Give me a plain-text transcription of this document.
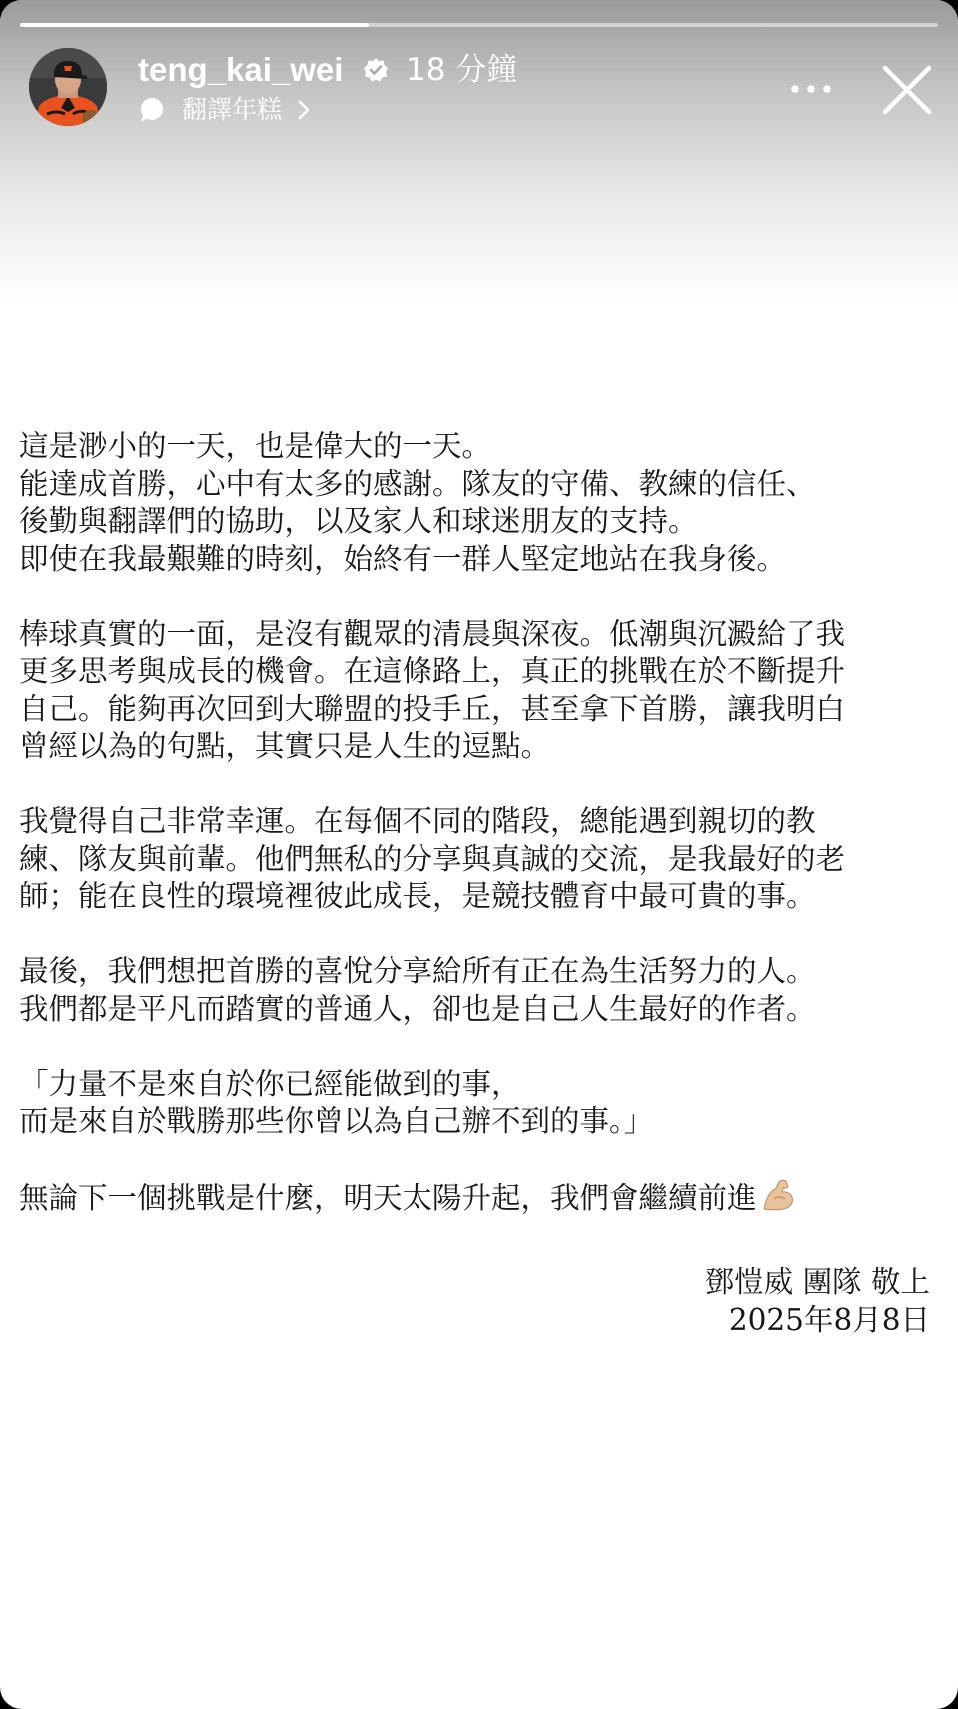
teng_kai_wei 18 分鐘
翻譯年糕
這是渺小的一天，也是偉大的一天。
能達成首勝，心中有太多的感謝。隊友的守備、教練的信任、
後勤與翻譯們的協助，以及家人和球迷朋友的支持。
即使在我最艱難的時刻，始終有一群人堅定地站在我身後。
棒球真實的一面，是沒有觀眾的清晨與深夜。低潮與沉澱給了我
更多思考與成長的機會。在這條路上，真正的挑戰在於不斷提升
自己。能夠再次回到大聯盟的投手丘，甚至拿下首勝，讓我明白
曾經以為的句點，其實只是人生的逗點。
我覺得自己非常幸運。在每個不同的階段，總能遇到親切的教
練、隊友與前輩。他們無私的分享與真誠的交流，是我最好的老
師；能在良性的環境裡彼此成長，是競技體育中最可貴的事。
最後，我們想把首勝的喜悅分享給所有正在為生活努力的人。
我們都是平凡而踏實的普通人，卻也是自己人生最好的作者。
「力量不是來自於你已經能做到的事，
而是來自於戰勝那些你曾以為自己辦不到的事。」
無論下一個挑戰是什麼，明天太陽升起，我們會繼續前進
鄧愷威 團隊 敬上
2025年8月8日
